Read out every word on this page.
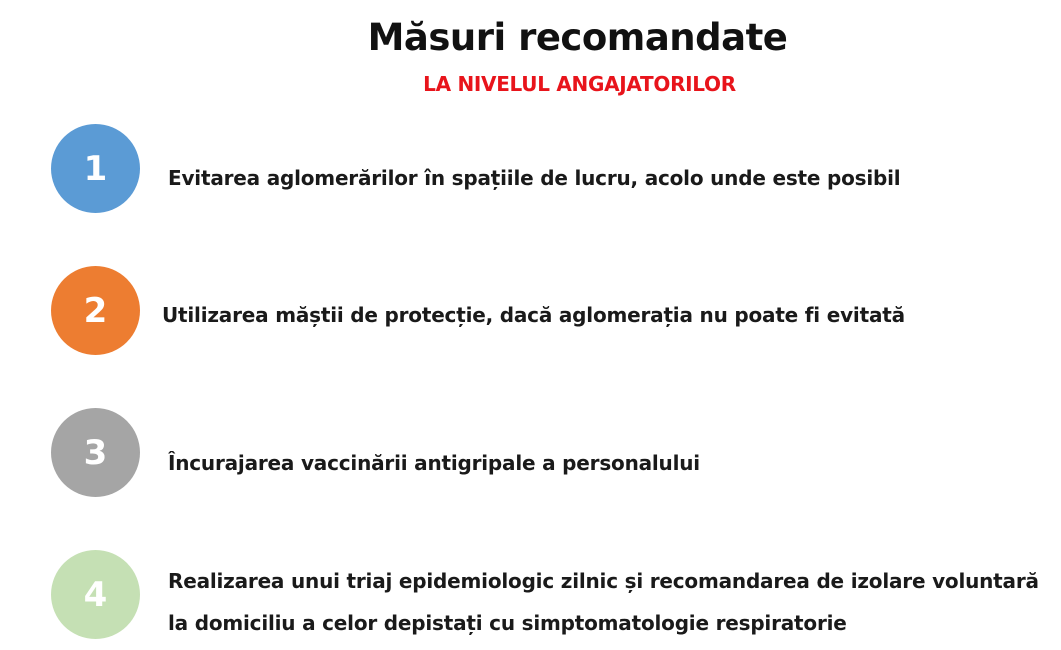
Măsuri recomandate
LA NIVELUL ANGAJATORILOR
1	Evitarea aglomerărilor în spațiile de lucru, acolo unde este posibil
2	Utilizarea măștii de protecție, dacă aglomerația nu poate fi evitată
3	Încurajarea vaccinării antigripale a personalului
4	Realizarea unui triaj epidemiologic zilnic și recomandarea de izolare voluntară la domiciliu a celor depistați cu simptomatologie respiratorie
